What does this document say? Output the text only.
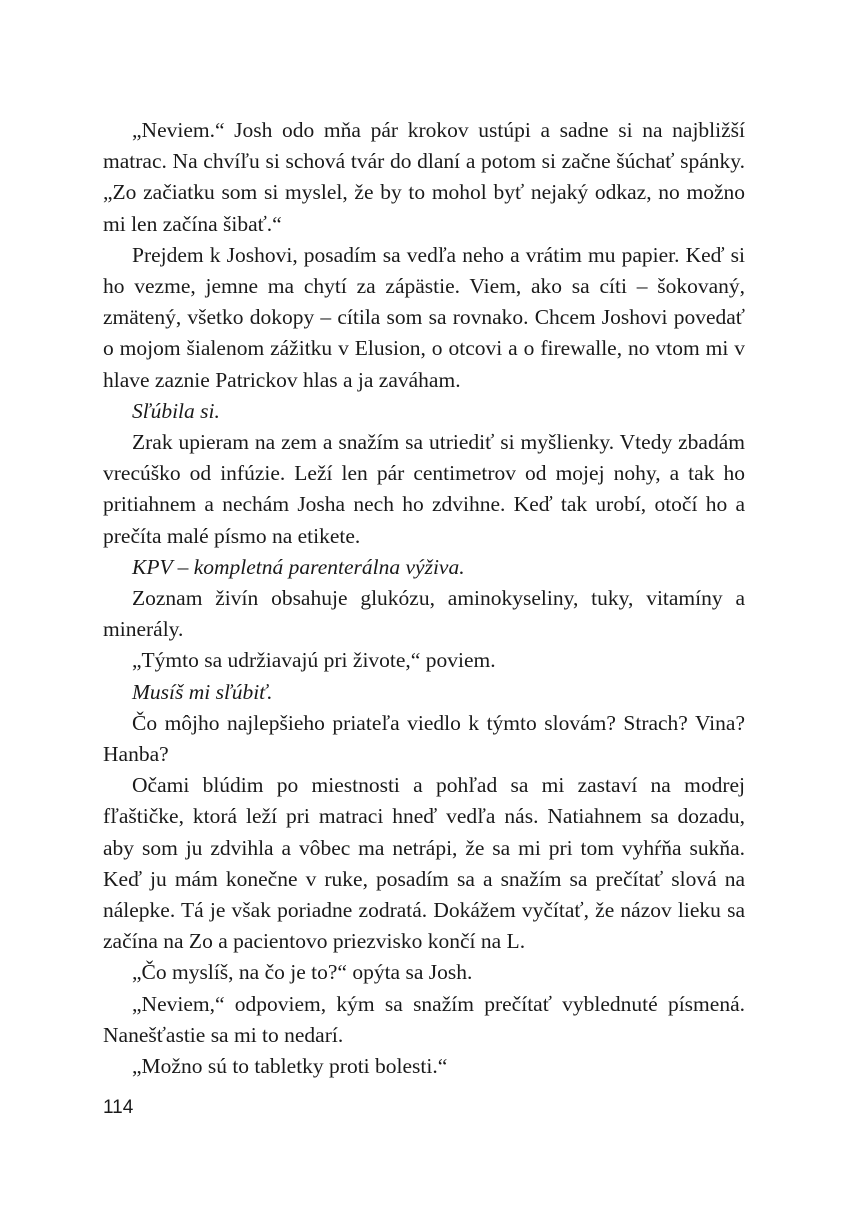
„Neviem.“ Josh odo mňa pár krokov ustúpi a sadne si na najbližší matrac. Na chvíľu si schová tvár do dlaní a potom si začne šúchať spánky. „Zo začiatku som si myslel, že by to mohol byť nejaký odkaz, no možno mi len začína šibať.“

Prejdem k Joshovi, posadím sa vedľa neho a vrátim mu papier. Keď si ho vezme, jemne ma chytí za zápästie. Viem, ako sa cíti – šokovaný, zmätený, všetko dokopy – cítila som sa rovnako. Chcem Joshovi povedať o mojom šialenom zážitku v Elusion, o otcovi a o firewalle, no vtom mi v hlave zaznie Patrickov hlas a ja zaváham.

Sľúbila si.

Zrak upieram na zem a snažím sa utriediť si myšlienky. Vtedy zbadám vrecúško od infúzie. Leží len pár centimetrov od mojej nohy, a tak ho pritiahnem a nechám Josha nech ho zdvihne. Keď tak urobí, otočí ho a prečíta malé písmo na etikete.

KPV – kompletná parenterálna výživa.

Zoznam živín obsahuje glukózu, aminokyseliny, tuky, vitamíny a minerály.

„Týmto sa udržiavajú pri živote,“ poviem.

Musíš mi sľúbiť.

Čo môjho najlepšieho priateľa viedlo k týmto slovám? Strach? Vina? Hanba?

Očami blúdim po miestnosti a pohľad sa mi zastaví na modrej fľaštičke, ktorá leží pri matraci hneď vedľa nás. Natiahnem sa dozadu, aby som ju zdvihla a vôbec ma netrápi, že sa mi pri tom vyhŕňa sukňa. Keď ju mám konečne v ruke, posadím sa a snažím sa prečítať slová na nálepke. Tá je však poriadne zodratá. Dokážem vyčítať, že názov lieku sa začína na Zo a pacientovo priezvisko končí na L.

„Čo myslíš, na čo je to?“ opýta sa Josh.

„Neviem,“ odpoviem, kým sa snažím prečítať vyblednuté písmená. Nanešťastie sa mi to nedarí.

„Možno sú to tabletky proti bolesti.“

114
